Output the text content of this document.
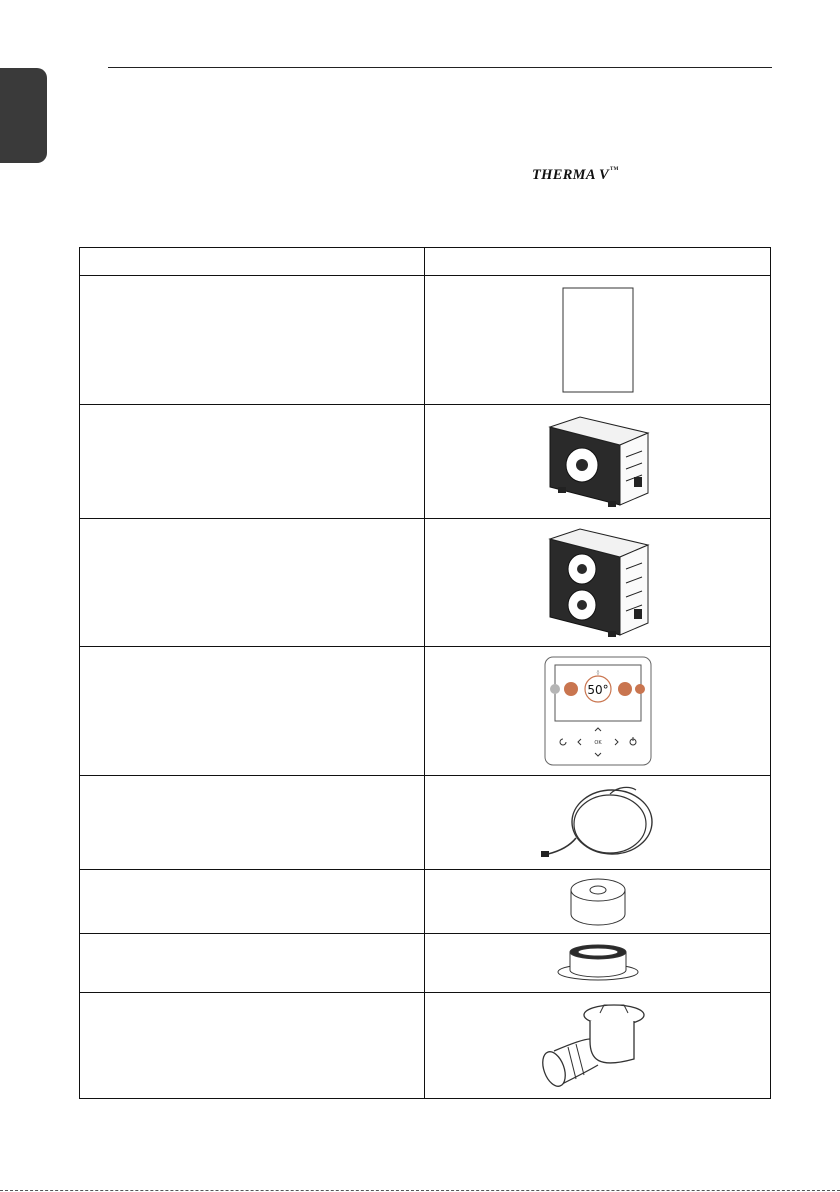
THERMA V™

◊
50°
OK
